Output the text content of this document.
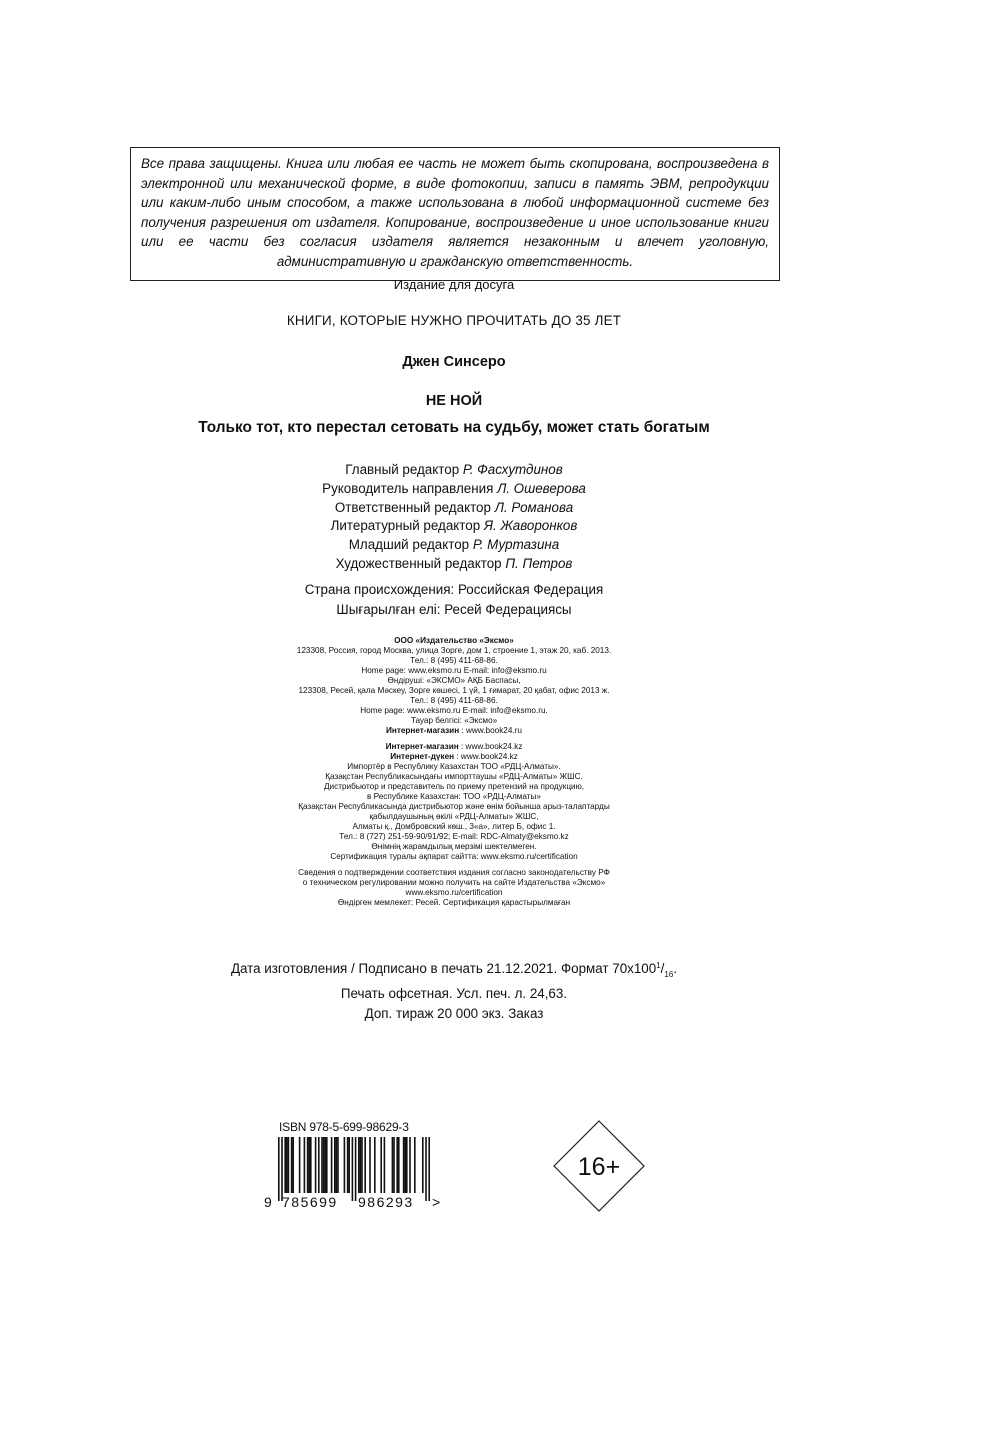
Все права защищены. Книга или любая ее часть не может быть скопирована, воспроизведена в электронной или механической форме, в виде фотокопии, записи в память ЭВМ, репродукции или каким-либо иным способом, а также использована в любой информационной системе без получения разрешения от издателя. Копирование, воспроизведение и иное использование книги или ее части без согласия издателя является незаконным и влечет уголовную, административную и гражданскую ответственность.
Издание для досуга
КНИГИ, КОТОРЫЕ НУЖНО ПРОЧИТАТЬ ДО 35 ЛЕТ
Джен Синсеро
НЕ НОЙ
Только тот, кто перестал сетовать на судьбу, может стать богатым
Главный редактор Р. Фасхутдинов
Руководитель направления Л. Ошеверова
Ответственный редактор Л. Романова
Литературный редактор Я. Жаворонков
Младший редактор Р. Муртазина
Художественный редактор П. Петров
Страна происхождения: Российская Федерация
Шығарылған елі: Ресей Федерациясы
ООО «Издательство «Эксмо»
123308, Россия, город Москва, улица Зорге, дом 1, строение 1, этаж 20, каб. 2013.
Тел.: 8 (495) 411-68-86.
Home page: www.eksmo.ru E-mail: info@eksmo.ru
Өндіруші: «ЭКСМО» АҚБ Баспасы,
123308, Ресей, қала Мәскеу, Зорге көшесі, 1 үй, 1 ғимарат, 20 қабат, офис 2013 ж.
Тел.: 8 (495) 411-68-86.
Home page: www.eksmo.ru E-mail: info@eksmo.ru.
Тауар белгісі: «Эксмо»
Интернет-магазин : www.book24.ru
Интернет-магазин : www.book24.kz
Интернет-дүкен : www.book24.kz
Импортёр в Республику Казахстан ТОО «РДЦ-Алматы».
Қазақстан Республикасындағы импорттаушы «РДЦ-Алматы» ЖШС.
Дистрибьютор и представитель по приему претензий на продукцию,
в Республике Казахстан: ТОО «РДЦ-Алматы»
Қазақстан Республикасында дистрибьютор және өнім бойынша арыз-талаптарды
қабылдаушының өкілі «РДЦ-Алматы» ЖШС,
Алматы қ., Домбровский көш., 3«а», литер Б, офис 1.
Тел.: 8 (727) 251-59-90/91/92; E-mail: RDC-Almaty@eksmo.kz
Өнімнің жарамдылық мерзімі шектелмеген.
Сертификация туралы ақпарат сайтта: www.eksmo.ru/certification
Сведения о подтверждении соответствия издания согласно законодательству РФ
о техническом регулировании можно получить на сайте Издательства «Эксмо»
www.eksmo.ru/certification
Өндірген мемлекет: Ресей. Сертификация қарастырылмаған
Дата изготовления / Подписано в печать 21.12.2021. Формат $70x100^1/_{16}$.
Печать офсетная. Усл. печ. л. 24,63.
Доп. тираж 20 000 экз. Заказ
ISBN 978-5-699-98629-3
9 785699 986293 >
16+
